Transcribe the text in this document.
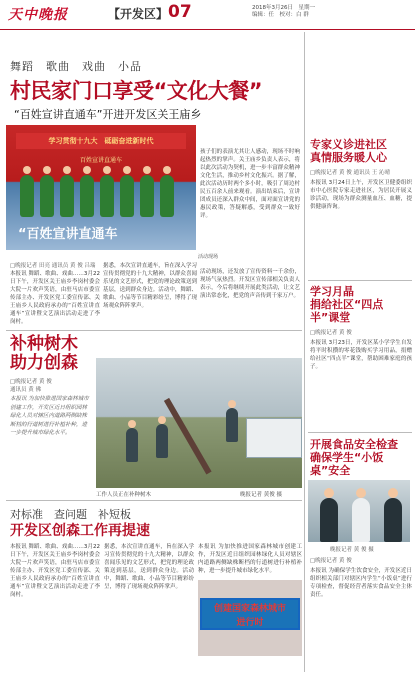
天中晚报	【开发区】 07	2018年3月26日　星期一
编辑：任　校对：白 群
舞蹈　歌曲　戏曲　小品
村民家门口享受“文化大餐”
“百姓宣讲直通车”开进开发区关王庙乡
学习贯彻十九大　砥砺奋进新时代
百姓宣讲直通车
“百姓宣讲直通车
活动现场
孩子们的表演尤其让人感动，现场不时响起热烈的掌声。关王庙乡负责人表示，将以此次活动为契机，进一步丰富群众精神文化生活，推动乡村文化振兴。据了解，此次活动历时两个多小时，吸引了周边村民五百余人前来观看。演出结束后，宣讲团成员还深入群众中间，面对面宣讲党的惠民政策，答疑解惑，受到群众一致好评。
□晚报记者 田亮 通讯员 黄 俊 吕瑞
本报讯 舞蹈、歌曲、戏曲……3月22日下午，开发区关王庙乡李岗村委会大院一片欢声笑语，由驻马店市委宣传部主办、开发区党工委宣传部、关王庙乡人民政府承办的“百姓宣讲直通车”宣讲暨文艺演出活动走进了李岗村。
据悉，本次宣讲直通车，旨在深入学习宣传贯彻党的十九大精神，以群众喜闻乐见的文艺形式，把党的理论政策送到基层，送到群众身边。活动中，舞蹈、歌曲、小品等节目精彩纷呈，博得了现场观众阵阵掌声。
活动现场，还发放了宣传资料一千余份，现场气氛热烈。开发区宣传部相关负责人表示，今后将继续开展此类活动，让文艺演出常态化，把党的声音传到千家万户。
补种树木
助力创森
□晚报记者 黄 俊
通讯员 黄 佛
本报讯 为加快推进国家森林城市创建工作，开发区近日组织园林绿化人员对辖区内道路两侧缺株断档的行道树进行补植补种，进一步提升城市绿化水平。
工作人员正在补种树木	晚报记者 黄俊 摄
对标准　查问题　补短板
开发区创森工作再提速
本报讯 舞蹈、歌曲、戏曲……3月22日下午，开发区关王庙乡李岗村委会大院一片欢声笑语，由驻马店市委宣传部主办、开发区党工委宣传部、关王庙乡人民政府承办的“百姓宣讲直通车”宣讲暨文艺演出活动走进了李岗村。
据悉，本次宣讲直通车，旨在深入学习宣传贯彻党的十九大精神，以群众喜闻乐见的文艺形式，把党的理论政策送到基层，送到群众身边。活动中，舞蹈、歌曲、小品等节目精彩纷呈，博得了现场观众阵阵掌声。
本报讯 为加快推进国家森林城市创建工作，开发区近日组织园林绿化人员对辖区内道路两侧缺株断档的行道树进行补植补种，进一步提升城市绿化水平。
创建国家森林城市
进行时
专家义诊进社区
真情服务暖人心
□晚报记者 黄 俊 通讯员 王 沁晴
本报讯 3月24日上午，开发区卫健委组织市中心医院专家走进社区，为居民开展义诊活动，现场为群众测量血压、血糖，提供健康咨询。
学习月晶
捐给社区“四点半”课堂
□晚报记者 黄 俊
本报讯 3月23日，开发区某小学学生自发将平时积攒的零花钱购买学习用品，捐赠给社区“四点半”课堂，帮助困难家庭的孩子。
开展食品安全检查
确保学生“小饭桌”安全
晚报记者 黄 俊 摄
□晚报记者 黄 俊
本报讯 为确保学生饮食安全，开发区近日组织相关部门对辖区内学生“小饭桌”进行专项检查，督促经营者落实食品安全主体责任。
